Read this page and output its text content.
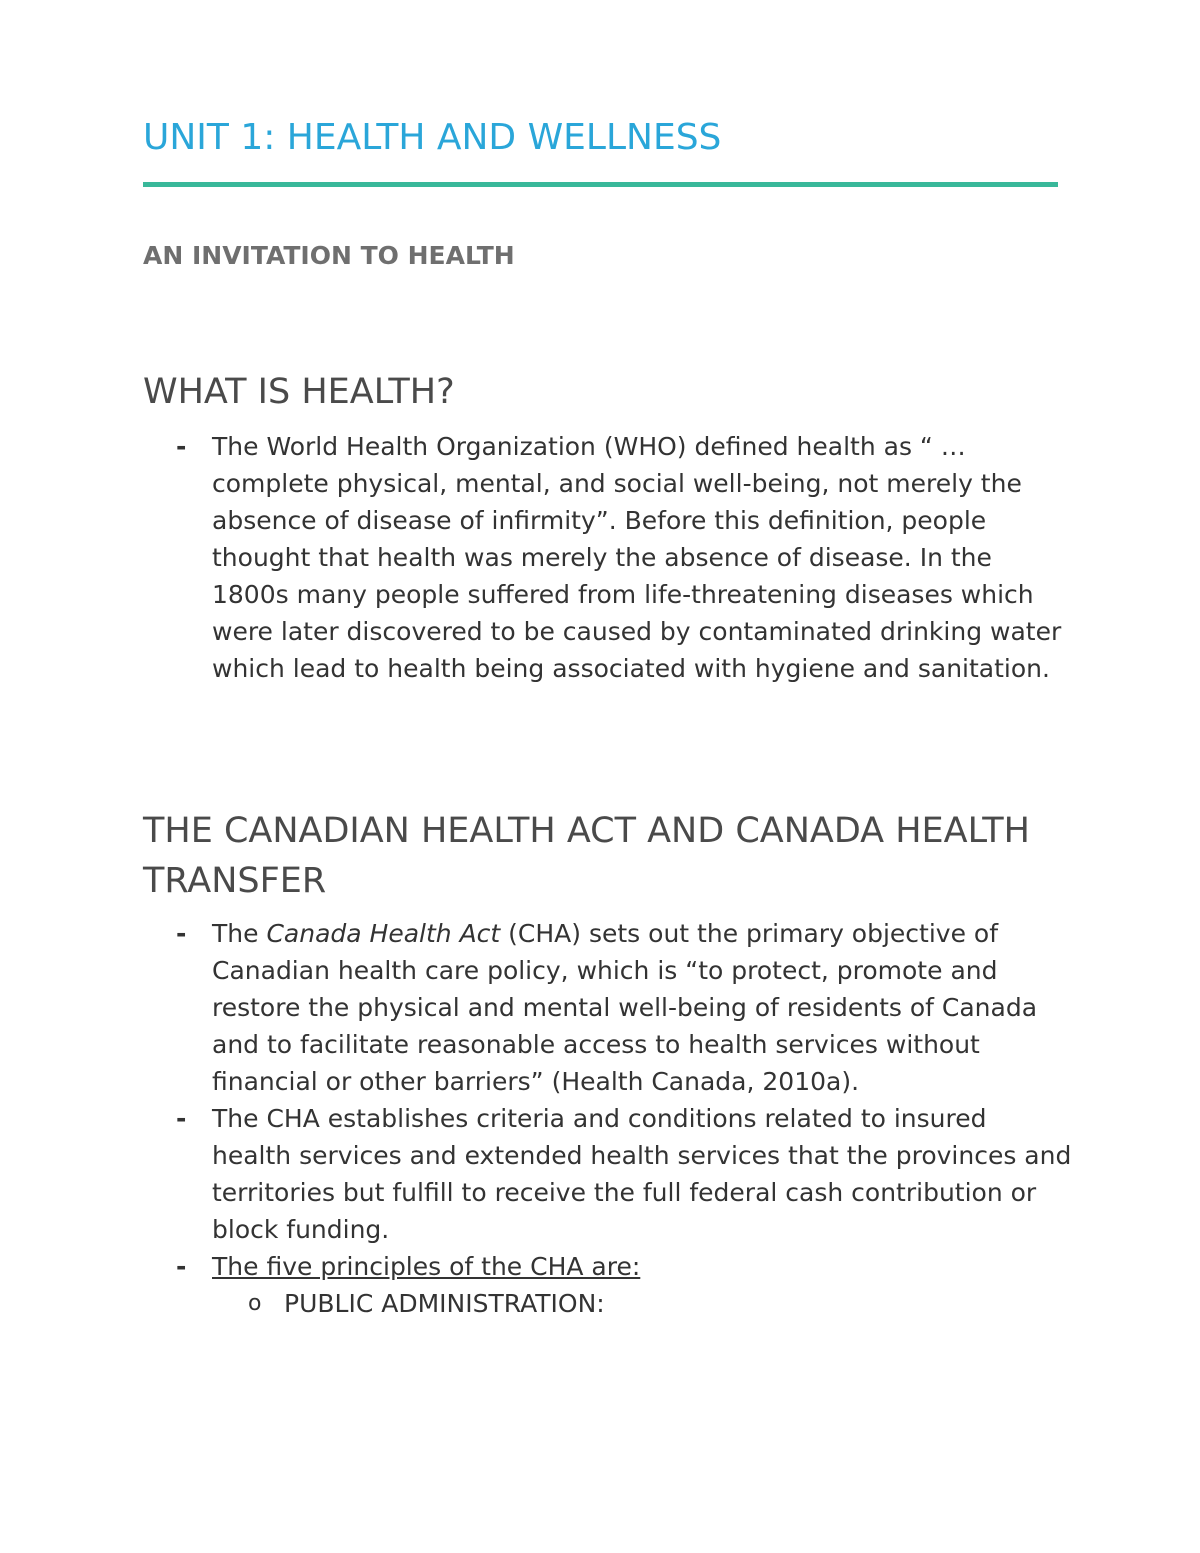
UNIT 1: HEALTH AND WELLNESS
AN INVITATION TO HEALTH
WHAT IS HEALTH?
- The World Health Organization (WHO) defined health as “ … complete physical, mental, and social well-being, not merely the absence of disease of infirmity”. Before this definition, people thought that health was merely the absence of disease. In the 1800s many people suffered from life-threatening diseases which were later discovered to be caused by contaminated drinking water which lead to health being associated with hygiene and sanitation.
THE CANADIAN HEALTH ACT AND CANADA HEALTH TRANSFER
- The Canada Health Act (CHA) sets out the primary objective of Canadian health care policy, which is “to protect, promote and restore the physical and mental well-being of residents of Canada and to facilitate reasonable access to health services without financial or other barriers” (Health Canada, 2010a).
- The CHA establishes criteria and conditions related to insured health services and extended health services that the provinces and territories but fulfill to receive the full federal cash contribution or block funding.
- The five principles of the CHA are:
o PUBLIC ADMINISTRATION:
